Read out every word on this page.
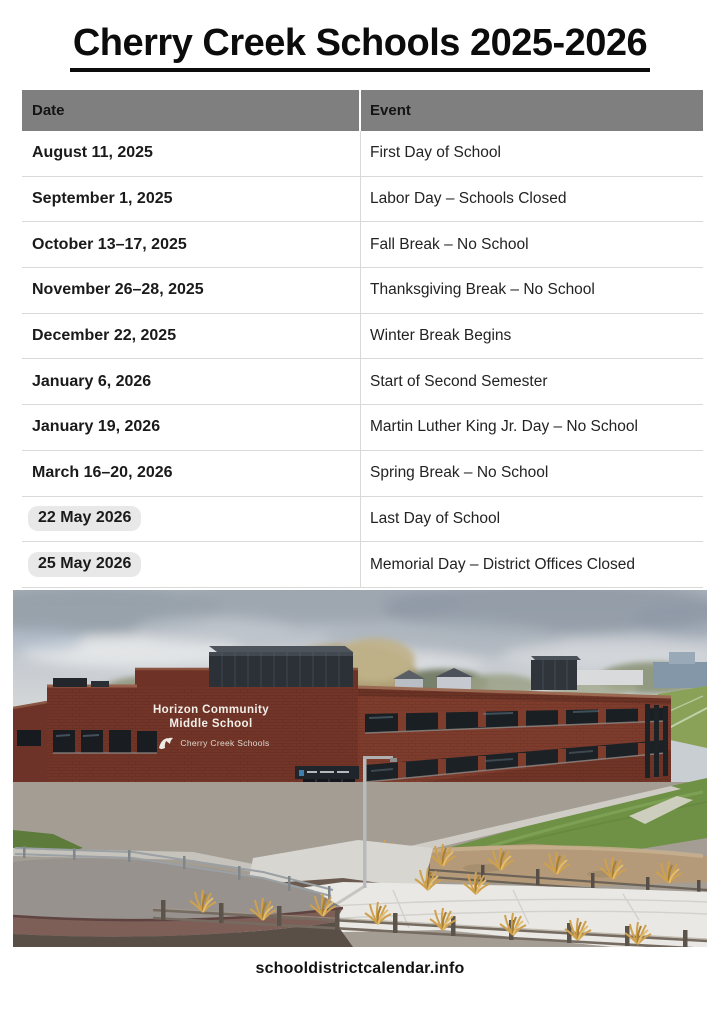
Cherry Creek Schools 2025-2026
Date	Event
August 11, 2025	First Day of School
September 1, 2025	Labor Day – Schools Closed
October 13–17, 2025	Fall Break – No School
November 26–28, 2025	Thanksgiving Break – No School
December 22, 2025	Winter Break Begins
January 6, 2026	Start of Second Semester
January 19, 2026	Martin Luther King Jr. Day – No School
March 16–20, 2026	Spring Break – No School
22 May 2026	Last Day of School
25 May 2026	Memorial Day – District Offices Closed
Horizon Community
Middle School
Cherry Creek Schools
schooldistrictcalendar.info
